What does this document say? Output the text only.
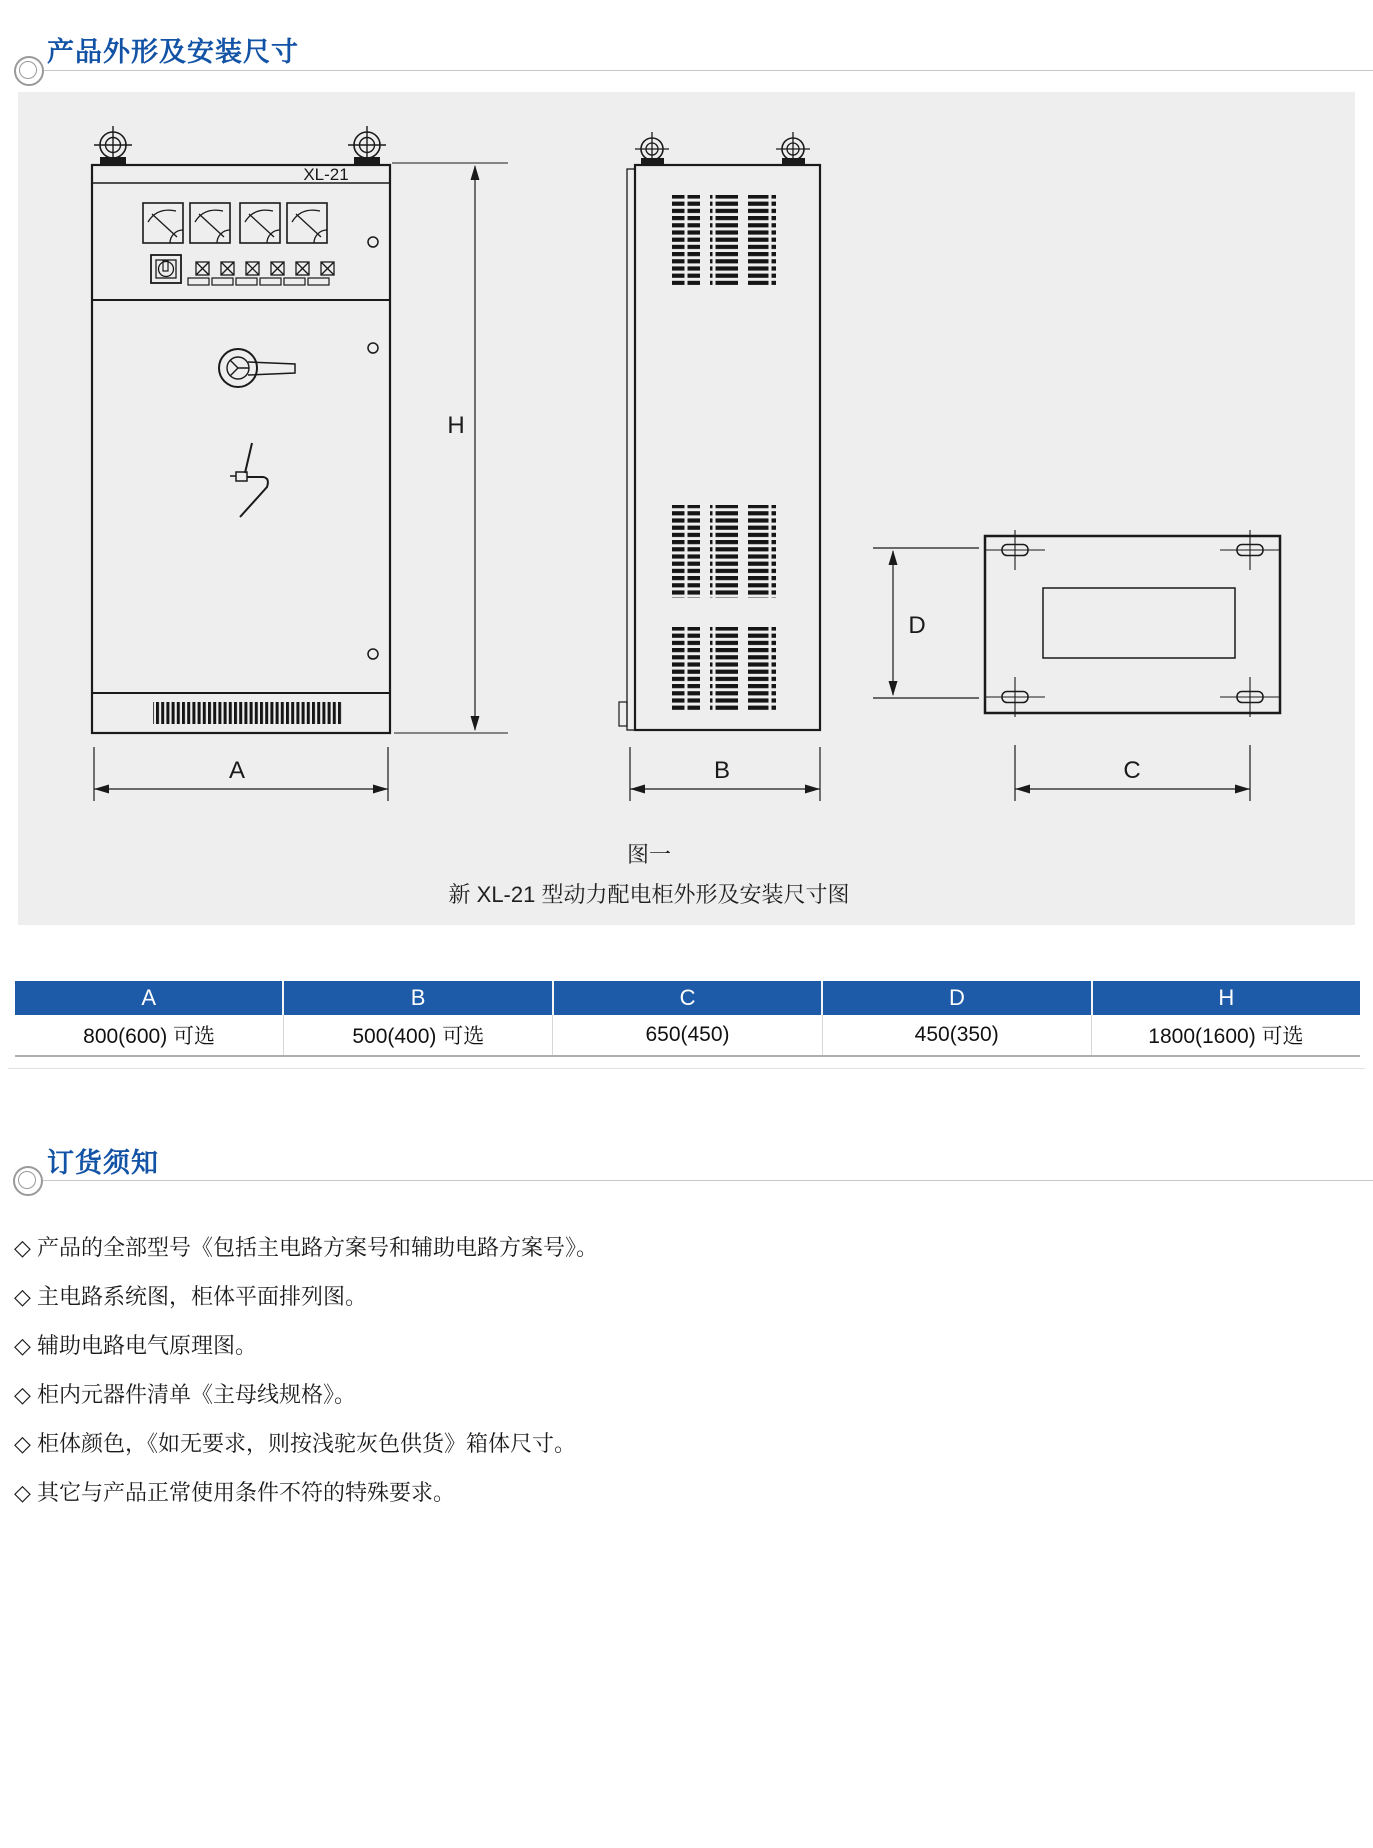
产品外形及安装尺寸
XL-21
H
A	B
D
C
图一
新 XL-21 型动力配电柜外形及安装尺寸图
A	B	C	D	H
800(600) 可选	500(400) 可选	650(450)	450(350)	1800(1600) 可选
订货须知
◇ 产品的全部型号《包括主电路方案号和辅助电路方案号》。
◇ 主电路系统图，柜体平面排列图。
◇ 辅助电路电气原理图。
◇ 柜内元器件清单《主母线规格》。
◇ 柜体颜色，《如无要求，则按浅驼灰色供货》箱体尺寸。
◇ 其它与产品正常使用条件不符的特殊要求。
